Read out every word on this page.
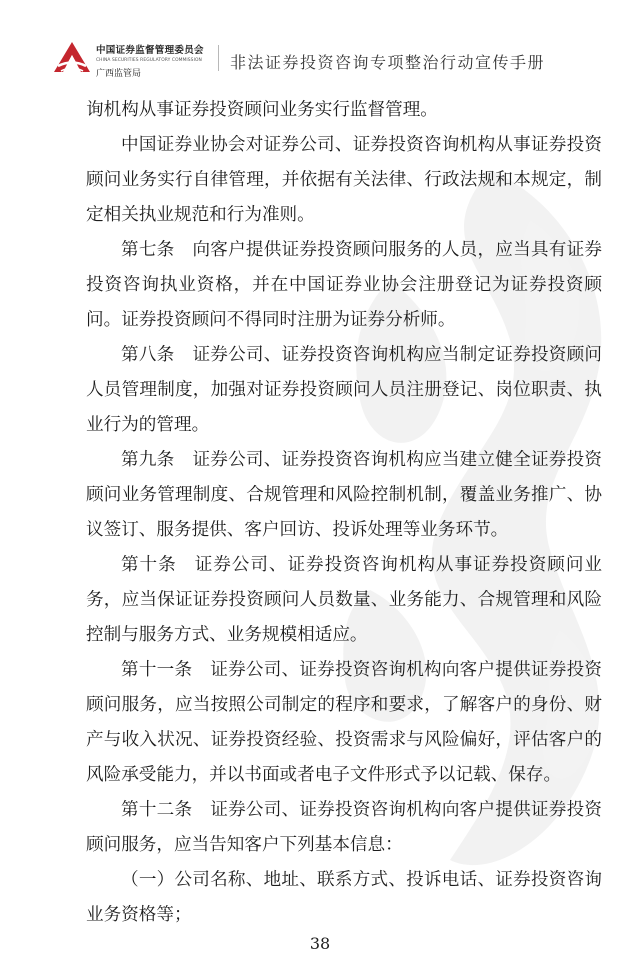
中国证券监督管理委员会
CHINA SECURITIES REGULATORY COMMISSION
广西监管局
非法证券投资咨询专项整治行动宣传手册

询机构从事证券投资顾问业务实行监督管理。

中国证券业协会对证券公司、证券投资咨询机构从事证券投资顾问业务实行自律管理，并依据有关法律、行政法规和本规定，制定相关执业规范和行为准则。

第七条 向客户提供证券投资顾问服务的人员，应当具有证券投资咨询执业资格，并在中国证券业协会注册登记为证券投资顾问。证券投资顾问不得同时注册为证券分析师。

第八条 证券公司、证券投资咨询机构应当制定证券投资顾问人员管理制度，加强对证券投资顾问人员注册登记、岗位职责、执业行为的管理。

第九条 证券公司、证券投资咨询机构应当建立健全证券投资顾问业务管理制度、合规管理和风险控制机制，覆盖业务推广、协议签订、服务提供、客户回访、投诉处理等业务环节。

第十条 证券公司、证券投资咨询机构从事证券投资顾问业务，应当保证证券投资顾问人员数量、业务能力、合规管理和风险控制与服务方式、业务规模相适应。

第十一条 证券公司、证券投资咨询机构向客户提供证券投资顾问服务，应当按照公司制定的程序和要求，了解客户的身份、财产与收入状况、证券投资经验、投资需求与风险偏好，评估客户的风险承受能力，并以书面或者电子文件形式予以记载、保存。

第十二条 证券公司、证券投资咨询机构向客户提供证券投资顾问服务，应当告知客户下列基本信息：

（一）公司名称、地址、联系方式、投诉电话、证券投资咨询业务资格等；

38
